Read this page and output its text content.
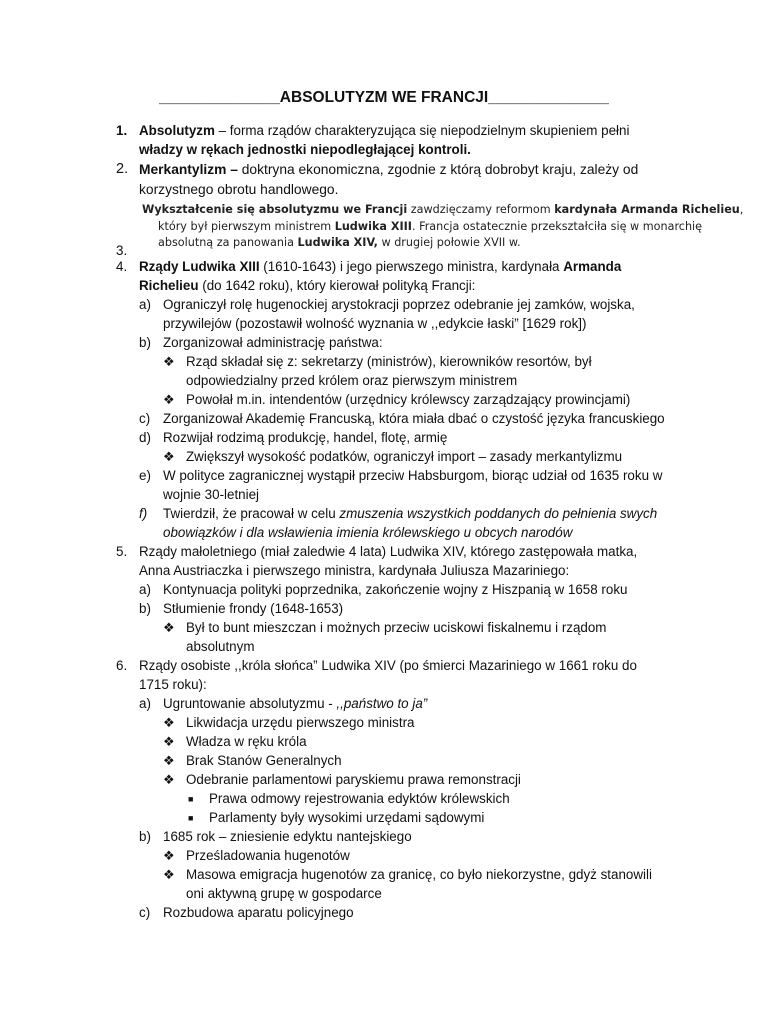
______________ABSOLUTYZM WE FRANCJI______________
1. Absolutyzm – forma rządów charakteryzująca się niepodzielnym skupieniem pełni
władzy w rękach jednostki niepodległającej kontroli.
2. Merkantylizm – doktryna ekonomiczna, zgodnie z którą dobrobyt kraju, zależy od
korzystnego obrotu handlowego.
3.
Wykształcenie się absolutyzmu we Francji zawdzięczamy reformom kardynała Armanda Richelieu,
który był pierwszym ministrem Ludwika XIII. Francja ostatecznie przekształciła się w monarchię
absolutną za panowania Ludwika XIV, w drugiej połowie XVII w.
4. Rządy Ludwika XIII (1610-1643) i jego pierwszego ministra, kardynała Armanda
Richelieu (do 1642 roku), który kierował polityką Francji:
a) Ograniczył rolę hugenockiej arystokracji poprzez odebranie jej zamków, wojska,
przywilejów (pozostawił wolność wyznania w ,,edykcie łaski” [1629 rok])
b) Zorganizował administrację państwa:
❖ Rząd składał się z: sekretarzy (ministrów), kierowników resortów, był
odpowiedzialny przed królem oraz pierwszym ministrem
❖ Powołał m.in. intendentów (urzędnicy królewscy zarządzający prowincjami)
c) Zorganizował Akademię Francuską, która miała dbać o czystość języka francuskiego
d) Rozwijał rodzimą produkcję, handel, flotę, armię
❖ Zwiększył wysokość podatków, ograniczył import – zasady merkantylizmu
e) W polityce zagranicznej wystąpił przeciw Habsburgom, biorąc udział od 1635 roku w
wojnie 30-letniej
f) Twierdził, że pracował w celu zmuszenia wszystkich poddanych do pełnienia swych
obowiązków i dla wsławienia imienia królewskiego u obcych narodów
5. Rządy małoletniego (miał zaledwie 4 lata) Ludwika XIV, którego zastępowała matka,
Anna Austriaczka i pierwszego ministra, kardynała Juliusza Mazariniego:
a) Kontynuacja polityki poprzednika, zakończenie wojny z Hiszpanią w 1658 roku
b) Stłumienie frondy (1648-1653)
❖ Był to bunt mieszczan i możnych przeciw uciskowi fiskalnemu i rządom
absolutnym
6. Rządy osobiste ,,króla słońca” Ludwika XIV (po śmierci Mazariniego w 1661 roku do
1715 roku):
a) Ugruntowanie absolutyzmu - ,,państwo to ja”
❖ Likwidacja urzędu pierwszego ministra
❖ Władza w ręku króla
❖ Brak Stanów Generalnych
❖ Odebranie parlamentowi paryskiemu prawa remonstracji
■ Prawa odmowy rejestrowania edyktów królewskich
■ Parlamenty były wysokimi urzędami sądowymi
b) 1685 rok – zniesienie edyktu nantejskiego
❖ Prześladowania hugenotów
❖ Masowa emigracja hugenotów za granicę, co było niekorzystne, gdyż stanowili
oni aktywną grupę w gospodarce
c) Rozbudowa aparatu policyjnego
